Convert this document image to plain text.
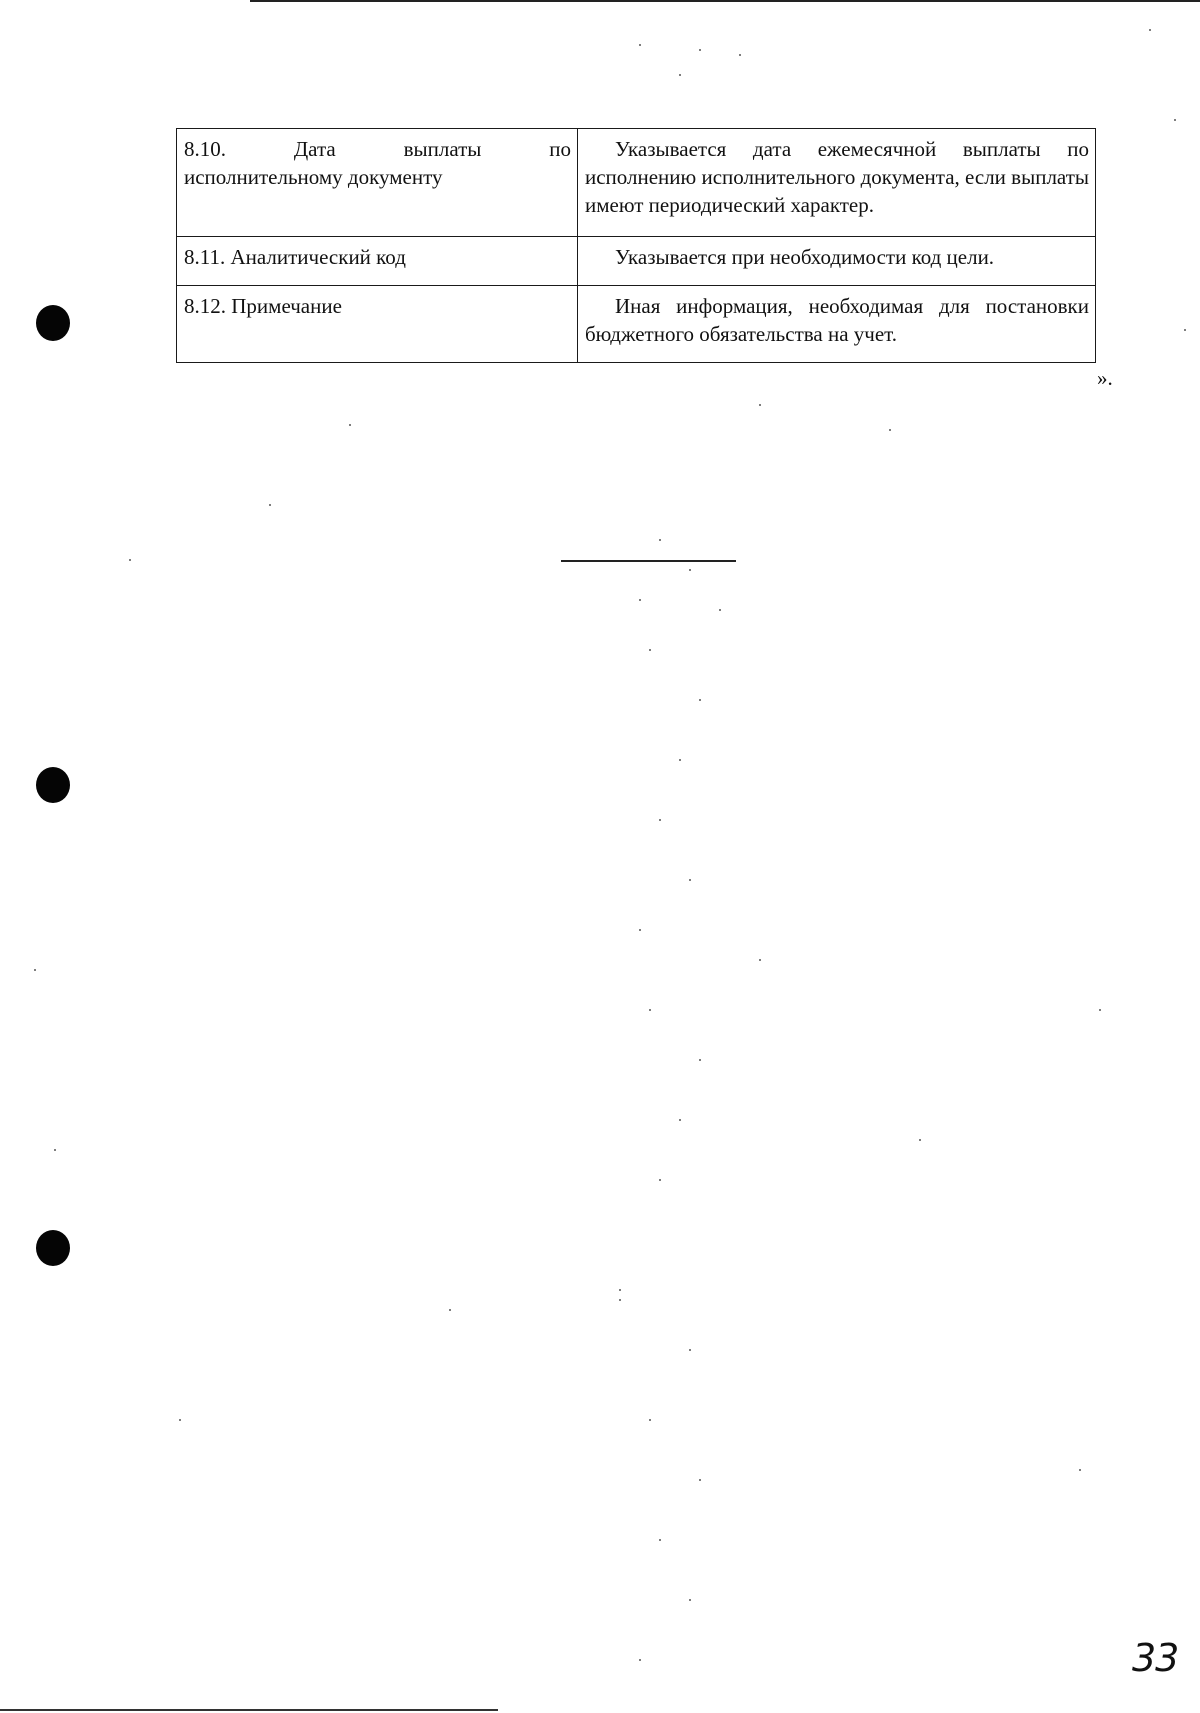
8.10. Дата выплаты по
исполнительному документу	Указывается дата ежемесячной выплаты по исполнению исполнительного документа, если выплаты имеют периодический характер.
8.11. Аналитический код	Указывается при необходимости код цели.
8.12. Примечание	Иная информация, необходимая для постановки бюджетного обязательства на учет.
».
33
